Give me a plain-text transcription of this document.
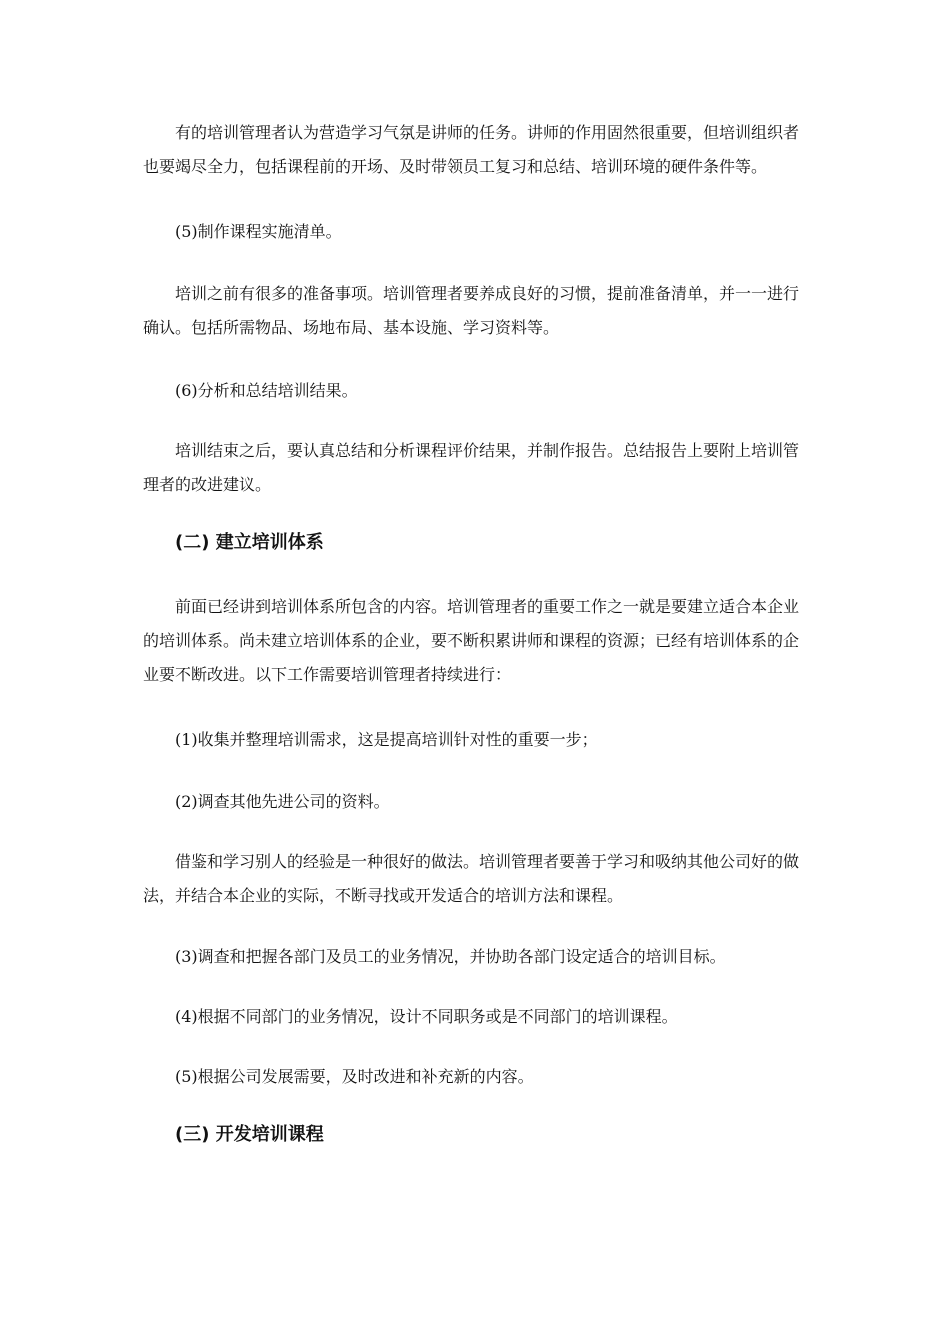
有的培训管理者认为营造学习气氛是讲师的任务。讲师的作用固然很重要，但培训组织者也要竭尽全力，包括课程前的开场、及时带领员工复习和总结、培训环境的硬件条件等。

(5)制作课程实施清单。

培训之前有很多的准备事项。培训管理者要养成良好的习惯，提前准备清单，并一一进行确认。包括所需物品、场地布局、基本设施、学习资料等。

(6)分析和总结培训结果。

培训结束之后，要认真总结和分析课程评价结果，并制作报告。总结报告上要附上培训管理者的改进建议。

(二) 建立培训体系

前面已经讲到培训体系所包含的内容。培训管理者的重要工作之一就是要建立适合本企业的培训体系。尚未建立培训体系的企业，要不断积累讲师和课程的资源；已经有培训体系的企业要不断改进。以下工作需要培训管理者持续进行：

(1)收集并整理培训需求，这是提高培训针对性的重要一步；

(2)调查其他先进公司的资料。

借鉴和学习别人的经验是一种很好的做法。培训管理者要善于学习和吸纳其他公司好的做法，并结合本企业的实际，不断寻找或开发适合的培训方法和课程。

(3)调查和把握各部门及员工的业务情况，并协助各部门设定适合的培训目标。

(4)根据不同部门的业务情况，设计不同职务或是不同部门的培训课程。

(5)根据公司发展需要，及时改进和补充新的内容。

(三) 开发培训课程
